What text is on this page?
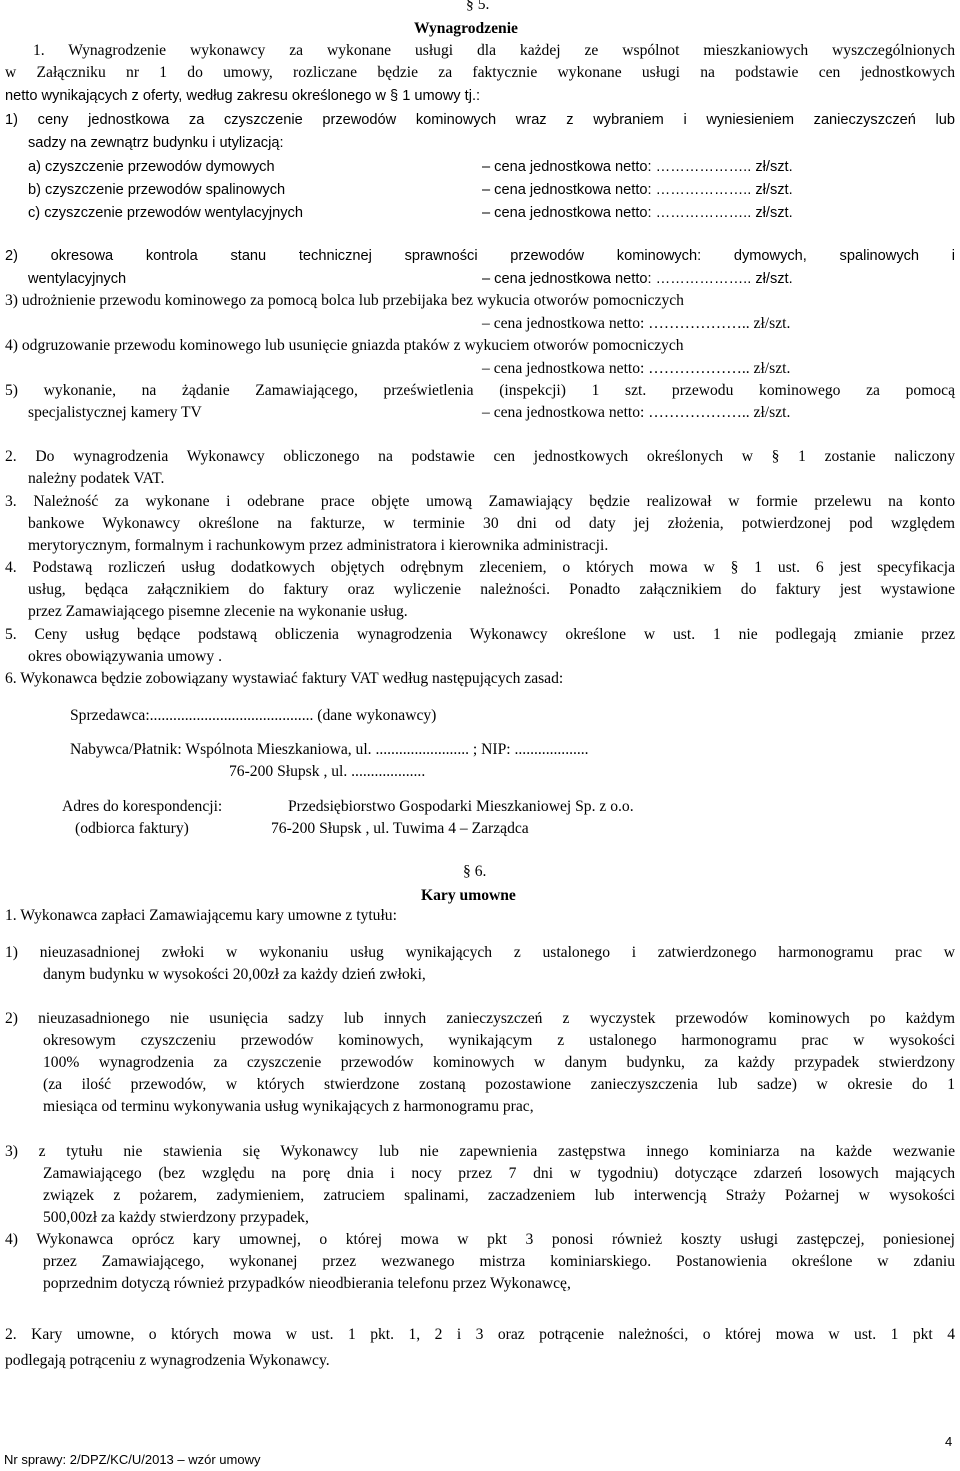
§ 5.
Wynagrodzenie
1. Wynagrodzenie wykonawcy za wykonane usługi dla każdej ze wspólnot mieszkaniowych wyszczególnionych
w Załączniku nr 1 do umowy, rozliczane będzie za faktycznie wykonane usługi na podstawie cen jednostkowych
netto wynikających z oferty, według zakresu określonego w § 1 umowy tj.:
1) ceny jednostkowa za czyszczenie przewodów kominowych wraz z wybraniem i wyniesieniem zanieczyszczeń lub
sadzy na zewnątrz budynku i utylizacją:
a) czyszczenie przewodów dymowych	– cena jednostkowa netto: ……………….. zł/szt.
b) czyszczenie przewodów spalinowych	– cena jednostkowa netto: ……………….. zł/szt.
c) czyszczenie przewodów wentylacyjnych	– cena jednostkowa netto: ……………….. zł/szt.
2) okresowa kontrola stanu technicznej sprawności przewodów kominowych: dymowych, spalinowych i
wentylacyjnych	– cena jednostkowa netto: ……………….. zł/szt.
3) udrożnienie przewodu kominowego za pomocą bolca lub przebijaka bez wykucia otworów pomocniczych
– cena jednostkowa netto: ……………….. zł/szt.
4) odgruzowanie przewodu kominowego lub usunięcie gniazda ptaków z wykuciem otworów pomocniczych
– cena jednostkowa netto: ……………….. zł/szt.
5) wykonanie, na żądanie Zamawiającego, prześwietlenia (inspekcji) 1 szt. przewodu kominowego za pomocą
specjalistycznej kamery TV	– cena jednostkowa netto: ……………….. zł/szt.
2. Do wynagrodzenia Wykonawcy obliczonego na podstawie cen jednostkowych określonych w § 1 zostanie naliczony
należny podatek VAT.
3. Należność za wykonane i odebrane prace objęte umową Zamawiający będzie realizował w formie przelewu na konto
bankowe Wykonawcy określone na fakturze, w terminie 30 dni od daty jej złożenia, potwierdzonej pod względem
merytorycznym, formalnym i rachunkowym przez administratora i kierownika administracji.
4. Podstawą rozliczeń usług dodatkowych objętych odrębnym zleceniem, o których mowa w § 1 ust. 6 jest specyfikacja
usług, będąca załącznikiem do faktury oraz wyliczenie należności. Ponadto załącznikiem do faktury jest wystawione
przez Zamawiającego pisemne zlecenie na wykonanie usług.
5. Ceny usług będące podstawą obliczenia wynagrodzenia Wykonawcy określone w ust. 1 nie podlegają zmianie przez
okres obowiązywania umowy .
6. Wykonawca będzie zobowiązany wystawiać faktury VAT według następujących zasad:
Sprzedawca:.......................................... (dane wykonawcy)
Nabywca/Płatnik: Wspólnota Mieszkaniowa, ul. ........................ ; NIP: ...................
76-200 Słupsk , ul. ...................
Adres do korespondencji:	Przedsiębiorstwo Gospodarki Mieszkaniowej Sp. z o.o.
(odbiorca faktury)	76-200 Słupsk , ul. Tuwima 4 – Zarządca
§ 6.
Kary umowne
1. Wykonawca zapłaci Zamawiającemu kary umowne z tytułu:
1) nieuzasadnionej zwłoki w wykonaniu usług wynikających z ustalonego i zatwierdzonego harmonogramu prac w
danym budynku w wysokości 20,00zł za każdy dzień zwłoki,
2) nieuzasadnionego nie usunięcia sadzy lub innych zanieczyszczeń z wyczystek przewodów kominowych po każdym
okresowym czyszczeniu przewodów kominowych, wynikającym z ustalonego harmonogramu prac w wysokości
100% wynagrodzenia za czyszczenie przewodów kominowych w danym budynku, za każdy przypadek stwierdzony
(za ilość przewodów, w których stwierdzone zostaną pozostawione zanieczyszczenia lub sadze) w okresie do 1
miesiąca od terminu wykonywania usług wynikających z harmonogramu prac,
3) z tytułu nie stawienia się Wykonawcy lub nie zapewnienia zastępstwa innego kominiarza na każde wezwanie
Zamawiającego (bez względu na porę dnia i nocy przez 7 dni w tygodniu) dotyczące zdarzeń losowych mających
związek z pożarem, zadymieniem, zatruciem spalinami, zaczadzeniem lub interwencją Straży Pożarnej w wysokości
500,00zł za każdy stwierdzony przypadek,
4) Wykonawca oprócz kary umownej, o której mowa w pkt 3 ponosi również koszty usługi zastępczej, poniesionej
przez Zamawiającego, wykonanej przez wezwanego mistrza kominiarskiego. Postanowienia określone w zdaniu
poprzednim dotyczą również przypadków nieodbierania telefonu przez Wykonawcę,
2. Kary umowne, o których mowa w ust. 1 pkt. 1, 2 i 3 oraz potrącenie należności, o której mowa w ust. 1 pkt 4
podlegają potrąceniu z wynagrodzenia Wykonawcy.
4
Nr sprawy: 2/DPZ/KC/U/2013 – wzór umowy
